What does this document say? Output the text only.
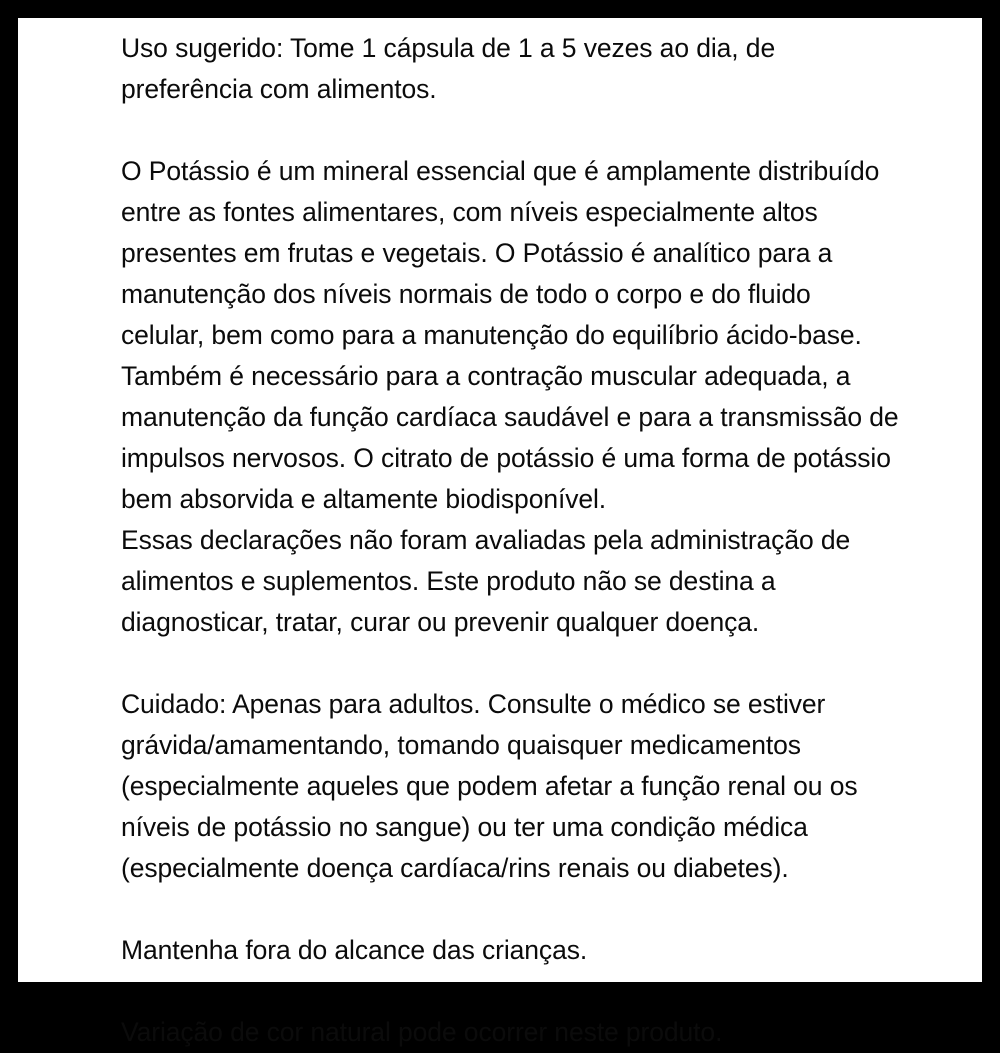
Uso sugerido: Tome 1 cápsula de 1 a 5 vezes ao dia, de preferência com alimentos.

O Potássio é um mineral essencial que é amplamente distribuído entre as fontes alimentares, com níveis especialmente altos presentes em frutas e vegetais. O Potássio é analítico para a manutenção dos níveis normais de todo o corpo e do fluido celular, bem como para a manutenção do equilíbrio ácido-base. Também é necessário para a contração muscular adequada, a manutenção da função cardíaca saudável e para a transmissão de impulsos nervosos. O citrato de potássio é uma forma de potássio bem absorvida e altamente biodisponível.

Essas declarações não foram avaliadas pela administração de alimentos e suplementos. Este produto não se destina a diagnosticar, tratar, curar ou prevenir qualquer doença.

Cuidado: Apenas para adultos. Consulte o médico se estiver grávida/amamentando, tomando quaisquer medicamentos (especialmente aqueles que podem afetar a função renal ou os níveis de potássio no sangue) ou ter uma condição médica (especialmente doença cardíaca/rins renais ou diabetes).

Mantenha fora do alcance das crianças.

Variação de cor natural pode ocorrer neste produto.
